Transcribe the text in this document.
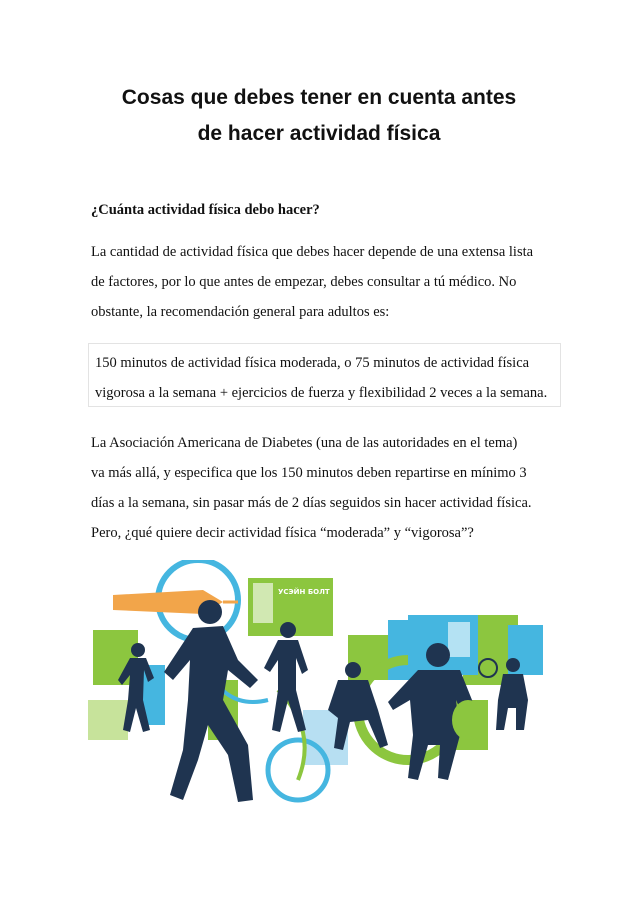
Cosas que debes tener en cuenta antes
de hacer actividad física
¿Cuánta actividad física debo hacer?
La cantidad de actividad física que debes hacer depende de una extensa lista
de factores, por lo que antes de empezar, debes consultar a tú médico. No
obstante, la recomendación general para adultos es:
150 minutos de actividad física moderada, o 75 minutos de actividad física
vigorosa a la semana + ejercicios de fuerza y flexibilidad 2 veces a la semana.
La Asociación Americana de Diabetes (una de las autoridades en el tema)
va más allá, y especifica que los 150 minutos deben repartirse en mínimo 3
días a la semana, sin pasar más de 2 días seguidos sin hacer actividad física.
Pero, ¿qué quiere decir actividad física “moderada” y “vigorosa”?
УСЭЙН БОЛТ
